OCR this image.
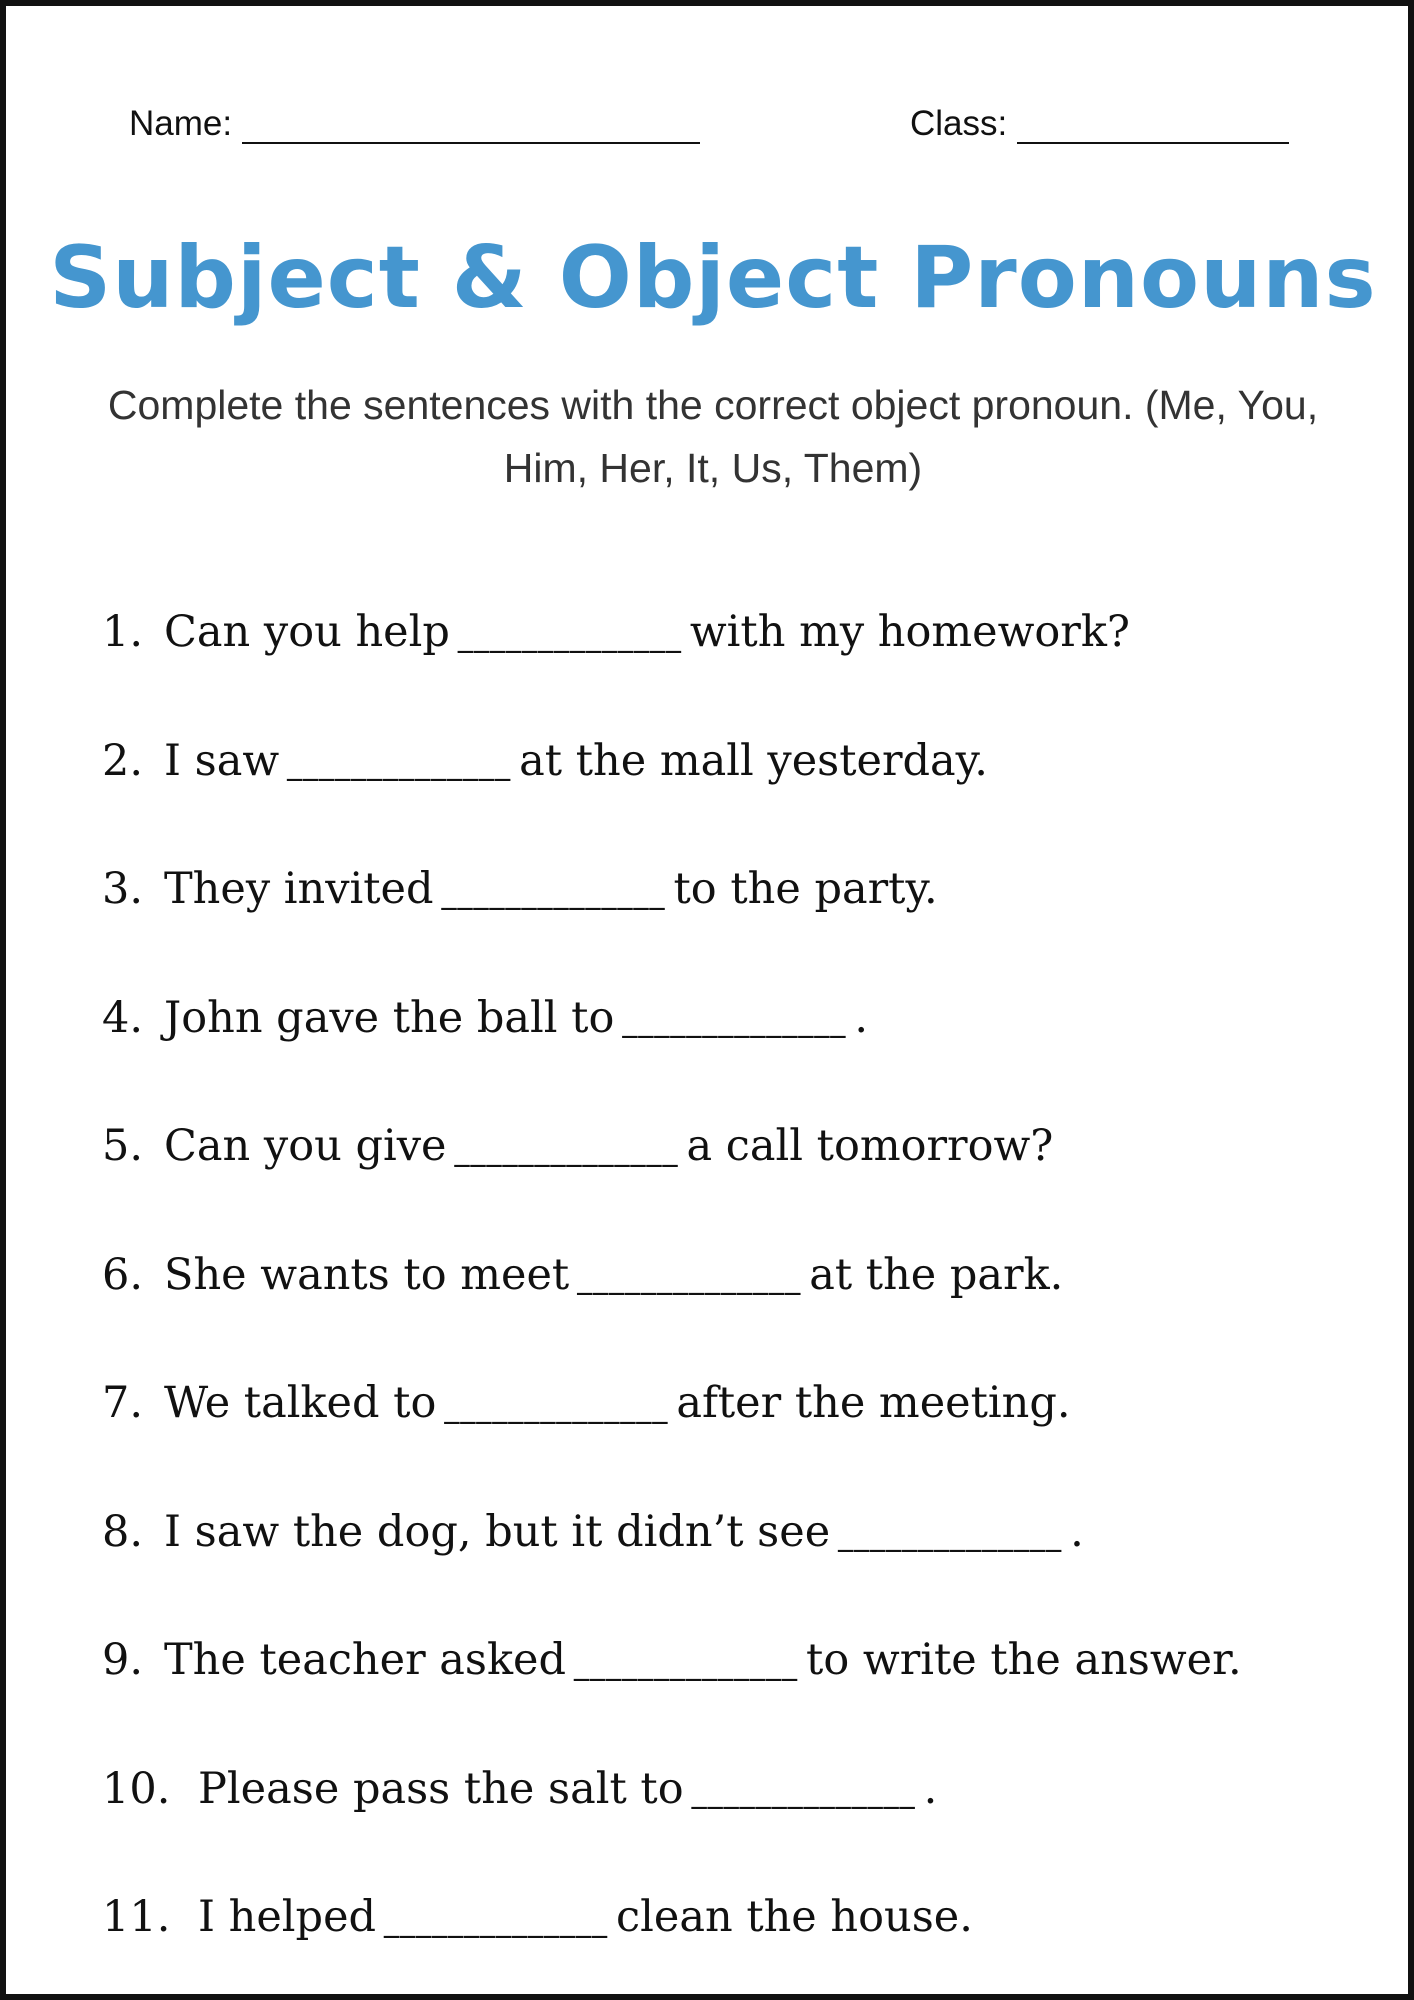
Name:	Class:
Subject & Object Pronouns
Complete the sentences with the correct object pronoun. (Me, You, Him, Her, It, Us, Them)
1. Can you help ______________ with my homework?
2. I saw ______________ at the mall yesterday.
3. They invited ______________ to the party.
4. John gave the ball to ______________ .
5. Can you give ______________ a call tomorrow?
6. She wants to meet ______________ at the park.
7. We talked to ______________ after the meeting.
8. I saw the dog, but it didn’t see ______________ .
9. The teacher asked ______________ to write the answer.
10. Please pass the salt to ______________ .
11. I helped ______________ clean the house.
